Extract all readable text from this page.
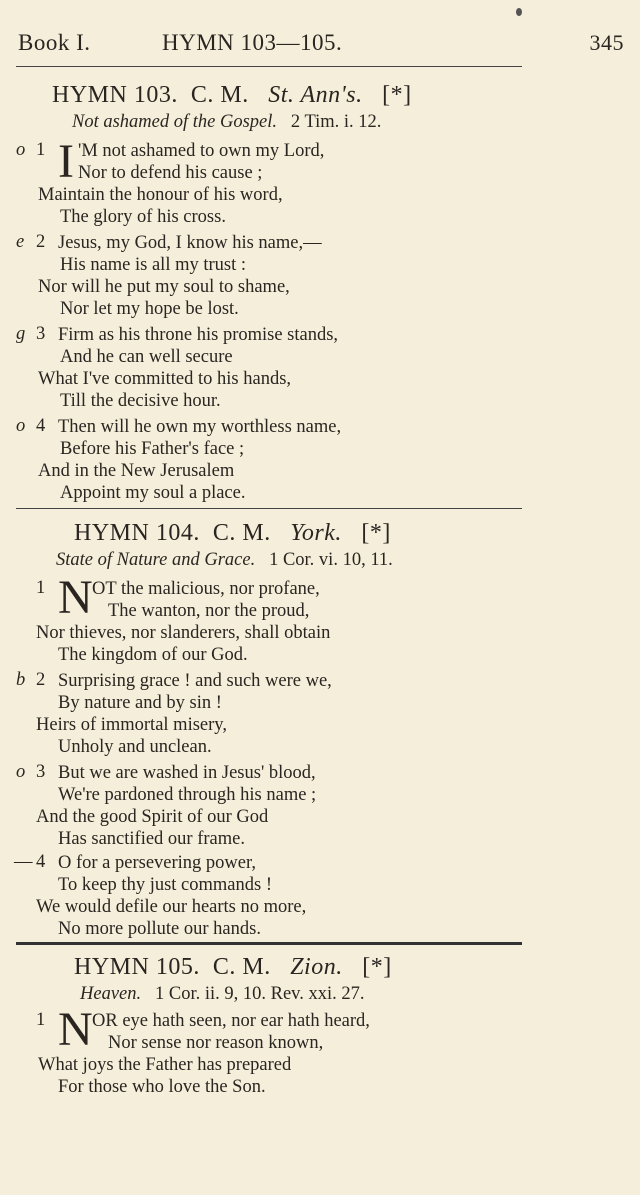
Book I.	HYMN 103—105.	345
HYMN 103. C. M. St. Ann's. [*]
Not ashamed of the Gospel. 2 Tim. i. 12.
o 1 I 'M not ashamed to own my Lord,
Nor to defend his cause ;
Maintain the honour of his word,
The glory of his cross.
e 2 Jesus, my God, I know his name,—
His name is all my trust :
Nor will he put my soul to shame,
Nor let my hope be lost.
g 3 Firm as his throne his promise stands,
And he can well secure
What I've committed to his hands,
Till the decisive hour.
o 4 Then will he own my worthless name,
Before his Father's face ;
And in the New Jerusalem
Appoint my soul a place.
HYMN 104. C. M. York. [*]
State of Nature and Grace. 1 Cor. vi. 10, 11.
1 N OT the malicious, nor profane,
The wanton, nor the proud,
Nor thieves, nor slanderers, shall obtain
The kingdom of our God.
b 2 Surprising grace ! and such were we,
By nature and by sin !
Heirs of immortal misery,
Unholy and unclean.
o 3 But we are washed in Jesus' blood,
We're pardoned through his name ;
And the good Spirit of our God
Has sanctified our frame.
— 4 O for a persevering power,
To keep thy just commands !
We would defile our hearts no more,
No more pollute our hands.
HYMN 105. C. M. Zion. [*]
Heaven. 1 Cor. ii. 9, 10. Rev. xxi. 27.
1 N OR eye hath seen, nor ear hath heard,
Nor sense nor reason known,
What joys the Father has prepared
For those who love the Son.
